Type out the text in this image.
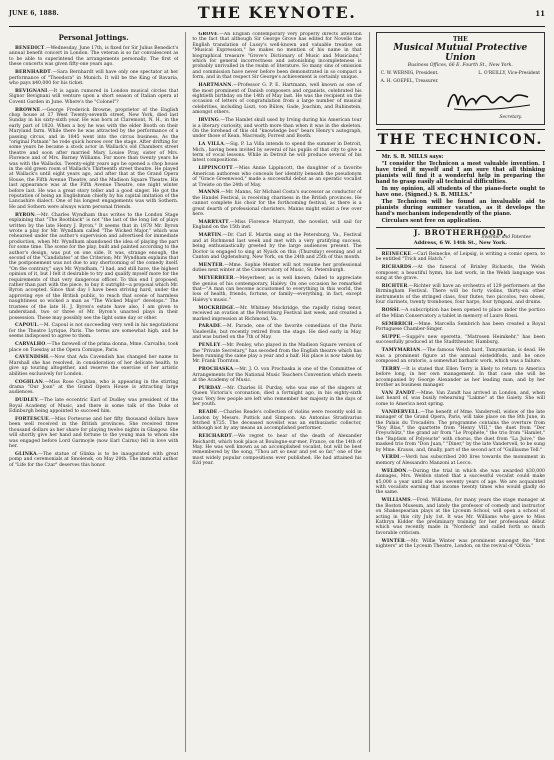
JUNE 6, 1888.	THE KEYNOTE.	11
Personal Jottings.

BENEDICT.—Wednesday, June 17th, is fixed for Sir Julius Benedict's annual benefit concert in London. The veteran is so far convalescent as to be able to superintend the arrangements personally. The first of these concerts was given fifty-one years ago.

BERNHARDT.—Sara Bernhardt will have only one spectator at her performance of "Theodora" in Munich. It will be the King of Bavaria, who pays $40,000 for his ticket.

BEVIGNANI.—It is again rumored in London musical circles that Signor Bevignani will venture upon a short season of Italian opera at Covent Garden in June. Where's the "Colonel"?

BROWNE.—George Frederick Browne, proprietor of the English chop house at 37 West Twenty-seventh street, New York, died last Sunday in his sixty-sixth year. He was born at Claremont, N. H., in the early part of 1820. When a boy he was with the elder Booth on their Maryland farm. While there he was attracted by the performance of a passing circus, and in 1845 went into the circus business. As the "original Putnam" he rode quick horses over the stage. After drifting for some years he became a stock actor in Wallack's old Chambers street theatre and soon after married Mary Louise Pray, sister of Mrs. Florence and of Mrs. Barney Williams. For more than twenty years he was with the Wallacks. Twenty-eight years ago he opened a chop house in the old green room of Wallack's Thirteenth street theatre. He played at Wallack's until eight years ago, and after that at the Grand Opera House, the Fifth Avenue Theatre, and the Madison Square Theatre. His last appearance was at the Fifth Avenue Theatre, one night winter before last. He was a great story teller and a good singer. He got the reputation of being an Englishman chiefly by his capital imitation of the Lancashire dialect. One of his longest engagements was with Sothern. He and Sothern were always warm personal friends.

BYRON.—Mr. Charles Wyndham thus writes to the London Stage explaining that "The Bootblack" is not "the last of the long list of plays written by the late Henry J. Byron." It seems that in 1878 Mr. Byron wrote a play for Mr. Wyndham called "The Wicked Major," which was rehearsed under the author's supervision and advertised for immediate production, when Mr. Wyndham abandoned the idea of playing the part for some time. The scene for the play, built and painted according to the author's design, was put on one side. It was, strange enough, the second of the "Candidates" at the Criterion; Mr. Wyndham explains that the postponement was not due to any shortcoming of the comedy itself. "On the contrary," says Mr. Wyndham, "I had, and still have, the highest opinion of it, but I felt it desirable to try and qualify myself more for the requirements of that very dangerous officer. To this end I proposed, rather than part with the piece, to buy it outright—a proposal which Mr. Byron accepted. Since that day I have been striving hard, under the approving eye of the British public, to reach that scene of harmless naughtiness so wicked a man as "The Wicked Major" develops." The trustees of the late H. J. Byron's estate have also, I am given to understand, two or three of Mr. Byron's unacted plays in their possession. These may possibly see the light some day or other.

CAPOUL.—M. Capoul is not succeeding very well in his negotiations for the Theatre Lyrique, Paris. The terms are somewhat high, and he seems indisposed to agree to them.

CARVALHO.—The farewell of the prima donna, Mme. Carvalho, took place on Tuesday at the Opera Comique, Paris.

CAVENDISH.—Now that Ada Cavendish has changed her name to Marshall she has resolved, in consideration of her delicate health, to give up touring altogether, and reserve the exercise of her artistic abilities exclusively for London.

COGHLAN.—Miss Rose Coghlan, who is appearing in the stirring drama "Our Joan" at the Grand Opera House is attracting large audiences.

DUDLEY.—The late eccentric Earl of Dudley was president of the Royal Academy of Music, and there is some talk of the Duke of Edinburgh being appointed to succeed him.

FORTESCUE.—Miss Fortescue and her fifty thousand dollars have been well received in the British provinces. She received three thousand dollars as her share for playing twelve nights in Glasgow. She will shortly give her hand and fortune to the young man to whom she was engaged before Lord Garmoyle (now Earl Cairns) fell in love with her.

GLINKA.—The statue of Glinka is to be inaugurated with great pomp and ceremonials at Smolensk, on May 20th. The immortal author of "Life for the Czar" deserves this honor.

GROVE.—An English contemporary very properly directs attention to the fact that although Sir George Grove has edited for Novello the English translation of Lussy's well-known and valuable treatise on "Musical Expression," he makes no mention of his name in that biographical treasure "Grove's Dictionary of Music and Musicians," which for general incorrectness and astonishing incompleteness is probably unrivalled in the realm of literature. So many sins of omission and commission have never before been demonstrated in so compact a form, and in that respect Sir George's achievement is certainly unique.

HARTMANN.—Professor G. P. E. Hartmann, well known as one of the most prominent of Danish composers and organists, celebrated his eightieth birthday on the 14th of May last. He was the recipient on the occasion of letters of congratulation from a large number of musical celebrities, including Liszt, von Bülow, Gade, Joachim, and Rubinstein, amongst others.

IRVING.—The Hamlet skull used by Irving during his American tour is a literary curiosity, and worth more than when it was in the skeleton. On the forehead of this old "knowledge box" bears Henry's autograph, under those of Kean, Macready, Forrest and Booth.

LA VILLA.—Sig. P. La Villa intends to spend the summer in Detroit, Mich., having been invited by several of his pupils of that city to give a term of vocal lessons. While in Detroit he will produce several of his latest compositions.

LIPPINCOTT.—Miss Annie Lippincott, the daughter of a favorite American authoress who conceals her identity beneath the pseudonym of "Grace Greenwood," made a successful debut as an operatic vocalist at Treiste on the 24th of May.

MANNS.—Mr. Manns, Sir Michael Costa's successor as conductor of the Handel Festival, is receiving chariness in the British provinces. He cannot complete his choir for the forthcoming festival, as there is a great dearth of professional choristers. Manns might enlist a few over here.

MARRYATT.—Miss Florence Marryatt, the novelist, will sail for England on the 15th inst.

MARTIN.—Dr. Carl E. Martin sang at the Petersburg, Va., Festival and at Richmond last week and met with a very gratifying success, being enthusiastically greeted by the large audiences present. The Doctor is engaged to sing at Nyack on this (Thursday) evening and at Canton and Ogdensburg, New York, on the 24th and 25th of this month.

MENTER.—Mme. Sophie Menter will not resume her professional duties next winter at the Conservatory of Music, St. Petersburgh.

MEYERBEER.—Meyerbeer, as is well known, failed to appreciate the genius of his contemporary, Halévy. On one occasion he remarked that—"A man can become accustomed to everything in this world, the loss of health, friends, fortune, or family—everything, in fact, except Halévy's music."

MOCKRIDGE.—Mr. Whitney Mockridge, the rapidly rising tenor, received an ovation at the Petersburg Festival last week, and created a marked impression at Richmond, Va.

PARADE.—M. Parade, one of the favorite comedians of the Paris Vaudeville, but recently retired from the stage. He died early in May, and was buried on the 7th of May.

PENLEY.—Mr. Penley, who played in the Madison Square version of the "Private Secretary," has seceded from the English theatre which has been running the same play a year and a half. His place is now taken by Mr. Frank Thornton.

PROCHASKA.—Mr. J. O. von Prochaska is one of the Committee of Arrangements for the National Music Teachers Convention which meets at the Academy of Music.

PURDAY.—Mr. Charles H. Purday, who was one of the singers at Queen Victoria's coronation, died a fortnight ago, in his eighty-sixth year. Very few people are left who remember her majesty in the days of her youth.

READE.—Charles Reade's collection of violins were recently sold in London by Messrs. Puttick and Simpson. An Antonius Stradivarius fetched $725. The deceased novelist was an enthusiastic collector, although not by any means an accomplished performer.

REICHARDT.—We regret to hear of the death of Alexander Reichardt, which took place at Boulogne-sur-mer, France, on the 14th of May. He was well known as an accomplished vocalist, but will be best remembered by the song, "Thou art so near and yet so far," one of the most widely popular compositions ever published. He had attained his 62d year.

THE
Musical Mutual Protective Union
Business Offices, 66 E. Fourth St., New York.
C. W. WERNIG, President.	L. O'REILLY, Vice-President
A. H. GOEPEL, Treasurer.
Secretary.
THE TECHNICON.

Mr. S. R. MILLS says:

"I consider the Technicon a most valuable invention. I have tried it myself and I am sure that all thinking pianists will find it a wonderful help in preparing the hand to grasp easily all technical difficulties.

In my opinion, all students of the piano-forte ought to have one. (Signed.) S. B. MILLS."

The Technicon will be found an invaluable aid to pianists during summer vacation, as it develops the hand's mechanism independently of the piano.

Circulars sent free on application.

J. BROTHERHOOD,
Inventor and Patentee
Address, 6 W. 14th St., New York.

REINECKE.—Carl Reinecke, of Leipsig, is writing a comic opera, to be entitled "Trick and Hatch."

RICHARDS.—At the funeral of Brinley Richards, the Welsh composer, a beautiful hymn, his last work, in the Welsh language was sung at the grave.

RICHTER.—Richter will have an orchestra of 129 performers at the Birmingham Festival. There will be forty violins, thirty-six other instruments of the stringed class, four flutes, two piccolos, two oboes, four clarinets, twenty trombones, four harps, four tympani, and drums.

ROSSI.—A subscription has been opened to place under the portico of the Milan Conservatory a tablet in memory of Lauro Rossi.

SEMBRICH.—Mme. Marcella Sembrich has been created a Royal Portuguese Chamber-Singer.

SUPPE.—Suppé's new operetta, "Matrosen Heimkehr," has been successfully produced at the Stadttheater, Hamburg.

TAMYMARIAN.—The famous Welsh bard, Tamymarian, is dead. He was a prominent figure at the annual eisteddfods, and he once composed an oratorio, a somewhat barbaric work, which was a failure.

TERRY.—It is stated that Ellen Terry is likely to return to America before long, in her own management. In that case she will be accompanied by George Alexander as her leading man, and by her brother as business manager.

VAN ZANDT.—Mme. Van Zandt has arrived in London, and, when last heard of, was busily rehearsing "Lakme" at the Gaiety. She will come to America next spring.

VANDERVELL.—The benefit of Mme. Vandervell, widow of the late manager of the Grand Opera, Paris, will take place on the 8th June, in the Palais du Trocadéro. The programme contains the overture from "Roy Blas," the quartette from "Henry VIII," the duet from "Der Freyschütz," the grand air from "Le Prophète," the trio from "Hamlet," the "Baptism of Polyeucte" with chorus, the duet from "La Juive," the masked trio from "Don Juan," "Diner," by the late Vandervell, to be sung by Mme. Krauss, and, finally, part of the second act of "Guillaume Tell."

VERDI.—Verdi has subscribed 200 lires towards the monument in memory of Alessandro Manzoni at Lecco.

WELDON.—During the trial in which she was awarded $30,000 damages, Mrs. Weldon stated that a successful vocalist could make $5,000 a year until she was seventy years of age. We are acquainted with vocalists earning that income twenty times who would gladly do the same.

WILLIAMS.—Fred. Williams, for many years the stage manager at the Boston Museum, and lately the professor of comedy and instructor on Shakespearian plays at the Lyceum School, will open a school of acting in this city July 1st. It was Mr. Williams who gave to Miss Kathryn Kidder the preliminary training for her professional début which was recently made in "Nordeck" and called forth so much favorable criticism.

WINTER.—Mr. Willie Winter was prominent amongst the "first nighters" at the Lyceum Theatre, London, on the revival of "Olivia."
